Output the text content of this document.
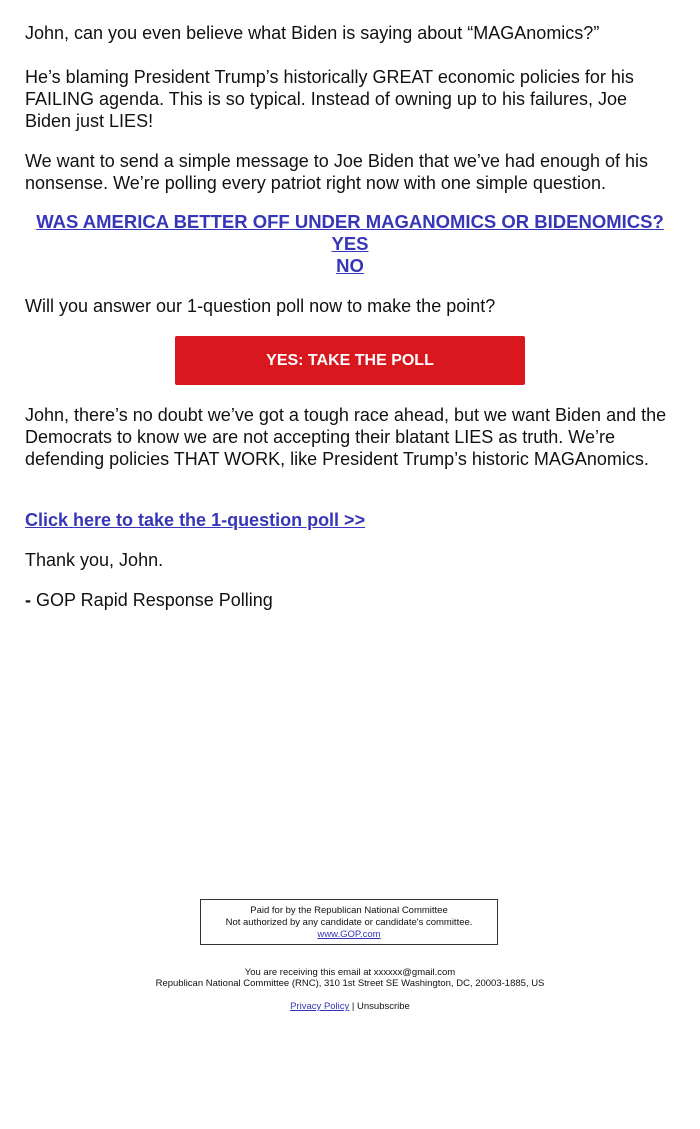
John, can you even believe what Biden is saying about “MAGAnomics?”

He’s blaming President Trump’s historically GREAT economic policies for his FAILING agenda. This is so typical. Instead of owning up to his failures, Joe Biden just LIES!

We want to send a simple message to Joe Biden that we’ve had enough of his nonsense. We’re polling every patriot right now with one simple question.

WAS AMERICA BETTER OFF UNDER MAGANOMICS OR BIDENOMICS?
YES
NO

Will you answer our 1-question poll now to make the point?

YES: TAKE THE POLL

John, there’s no doubt we’ve got a tough race ahead, but we want Biden and the Democrats to know we are not accepting their blatant LIES as truth. We’re defending policies THAT WORK, like President Trump’s historic MAGAnomics.

Click here to take the 1-question poll >>

Thank you, John.

- GOP Rapid Response Polling

Paid for by the Republican National Committee
Not authorized by any candidate or candidate's committee.
www.GOP.com
You are receiving this email at xxxxxx@gmail.com
Republican National Committee (RNC), 310 1st Street SE Washington, DC, 20003-1885, US
Privacy Policy | Unsubscribe
